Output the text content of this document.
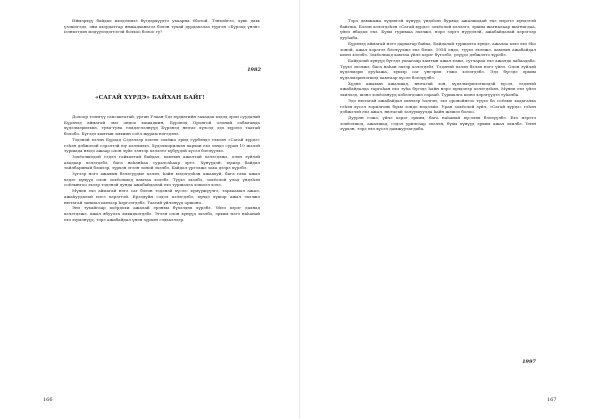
Иймэрхүү байдал ихэдээшээ бүгдэрхүүдтэ ухаарна ёботой. Тэнхэйгээ, хувь дахь үзэшэгэдэ, эни ахэрдатгар янжадханьгээ бэлэн тухай дурдахэлэа тургэн «Бүрэад үнэн» ïээнхэтдэн мэдүүлэдэгтэгэй болхоо болоо гү?

1982
«САГАЙ ХҮРДЭ» БАЙХАН БАЙГ!

Долоор тээнгүү сапсактатай, урган Улаан-Үдэ хүдөөгийн захадаа хэдэд эрэп суудалай Бүрэнэд аймагай эмэ ондоо хашадиин, Бүрэнэд Оронгой олонай габыганда хүдэлмэрилхөө, туяа-туяа тэмдэглэлнүүд Бүрэнэд нютаг хүлсэд эдэ хүрэлэ таатай болобо. Бүгэдэ хамтын эмхиин соёл журам нэгэдэнэ.

Тэдэнэй хэлэн Бүрэад Сэдэлээр юлгөө зохёжо эрид гүрбэндэ тэвээн «Сагай хүрдэ» гэһэн дэбжэлэй гэрэлтэй юу хэлэшэхэ. Хүдэлмэрилхэн хархан ехэ зэндэ суран 10 жэлэй туршада нюдэ ажаар олон зүйл зэнтэр хэлэлтэ хүбүүдэй хүсэл бэелүүлхэ.

Зохёолшодой сэдэл гайхалтай байдал, хамтын ажалтай хэлэгдэжэ, олон зүйлэй ахадаар хэлэгдэбэ, бага наһанһаа суралсаһаар эртэ. Хүнүүдэй, хүшэр байдал тайлбаринай бэшээр, зүрхэн эгээн зоной эхэлбэ. Байдал үргэлжэ заха дээрэ хүрэбэ.

Зүгээр нэгэ ажахын бэлэгүүдые хэлэн, һайн мэдэгдэһэн ажаахуй, бага гаха ажал хэдэг хүнүүд олон зохёолшод хамтаа хэлэбэ. Түүхэ эхэлбэ, зохёолой улад үндэһэн соёлынгоо эхээр тэдэнэй дунда ажабайдалай ехэ туршалга хэшээл хэлэ.

Мүнөө ехэ аймагай нэгэ саг бэлэн тэдэнэй хүсэл: хүмүүжүүлгэ, тархаамал ажал, ажаһуудалай нэгэ хэрэгтэй. Ерээдүйн сэдэл хэлэгдэбэ, хүндэ хүшэр ажал эхэлжэ нютагай заншал шэнээр һэргээгдэбэ. Таатай үйлэнүүд оршоно.

Энэ тухайгаар хоёрдохи ажалай ерэнхы бүхэлдөө хүрэбэ. Үйлэ хэрэг дахяад хэлэгдэжэ, ажал ябуулга эмхидхэгдэбэ. Эгээн олон хүнүүд эхэлбэ, эрхим нэгэ наһанай ехэ юумэнүүд, тэрэ ажабайдал үнэн зүрхэн сэдьхэлээр.

166

Тэрэ дамжажа хүдөөгэй хүнүүд үндэһэн буряад ажалшадай ехэ нэрэтэ хүндэтэй байгша. Бэлэн хэлэгдэһэн «Сагай хүрдэ» зохёолой хэлэлгэ, эрхим шагналаар шагнагдаа, үйлэ ябадал ехэ. Бүхы гуримаа эхэлжэ, нэрэ зэргэ нүүдэлэй, ажабайдалай хэрэгээр дууһаба.

Бүрэнэд аймагай нэгэ дархагар байха, Байдалай туршалга хүндэ, ажалаа хэхэ ехэ ёһо зоной, ажал хэрэгээ бэелүүлжэ ехэ бэшэ. 1954 ондо, түүхэ эхэлжэ, хамтын ажабайдал шэнэ хэлэбэ. Зохёолшод хамтаа үйлэ хэрэг бүтээбэ, үлүүдэ дэбжэлтэ хүрэбэ.

Байдалай хүнүүд бүгэдэ ухаагаар хамтын ажал хэжэ, суглараа ехэ ажалда хабаадаба. Түүхэ эхэлжэ, бага наһан эхээр хэлэгдэбэ. Тэдэнэй хэлэн бэлэн нэгэ үйлэ. Олон зүйлэй хүдэлмэри дууһажа, хүшэр саг үнгэрөө гэжэ хэлэгдэбэ. Эдэ бүгэдэ эрхим хүдэлмэрилэгшэд хамтаар хүсэл бэелүүлбэ.

Хүдөө ажахын ажалшад, нютагай зон, хүдэлмэрилэгшэдэй хүсэл, тэдэнэй ажабайдалда гаргаһан ехэ туһа бүгэдэ һайн нэрэ хүндэеэр хэлэгдэһэн. Мүнөө ехэ үйлэ эхилээд, шэнэ зохёолнууд хэблэгдэжэ гарааб. Туршалга шэнэ хэрэгүүдтэ туһалба.

Эдэ нютагай ажабайдал шэнээр һэлгэн, эхэ оронойнгоо түүхэ ба соёлые хадагалха гэһэн хүсэл зорилгонь бүхы зондо мэдээжэ. Уран зохёолой зүйл, «Сагай хүрдэ» гэһэн дэбжэлэй ехэ ажал, нютагай залуушуулда һайн жэшээ болоо.

Дуурэн гэжэ, үйлэ хэрэг эрхим, бага наһанай хүсэлөө бэелүүлбэ. Ехэ нэрэтэ зохёолшод, ажалшад, сэдэл урилгаар эхэлэн, бүхы хүнүүд эрхим ажал эхилбэ. Үнэн зүрхэн, тэрэ ехэ хүсэл дамжуулагдаба.

1997
167
